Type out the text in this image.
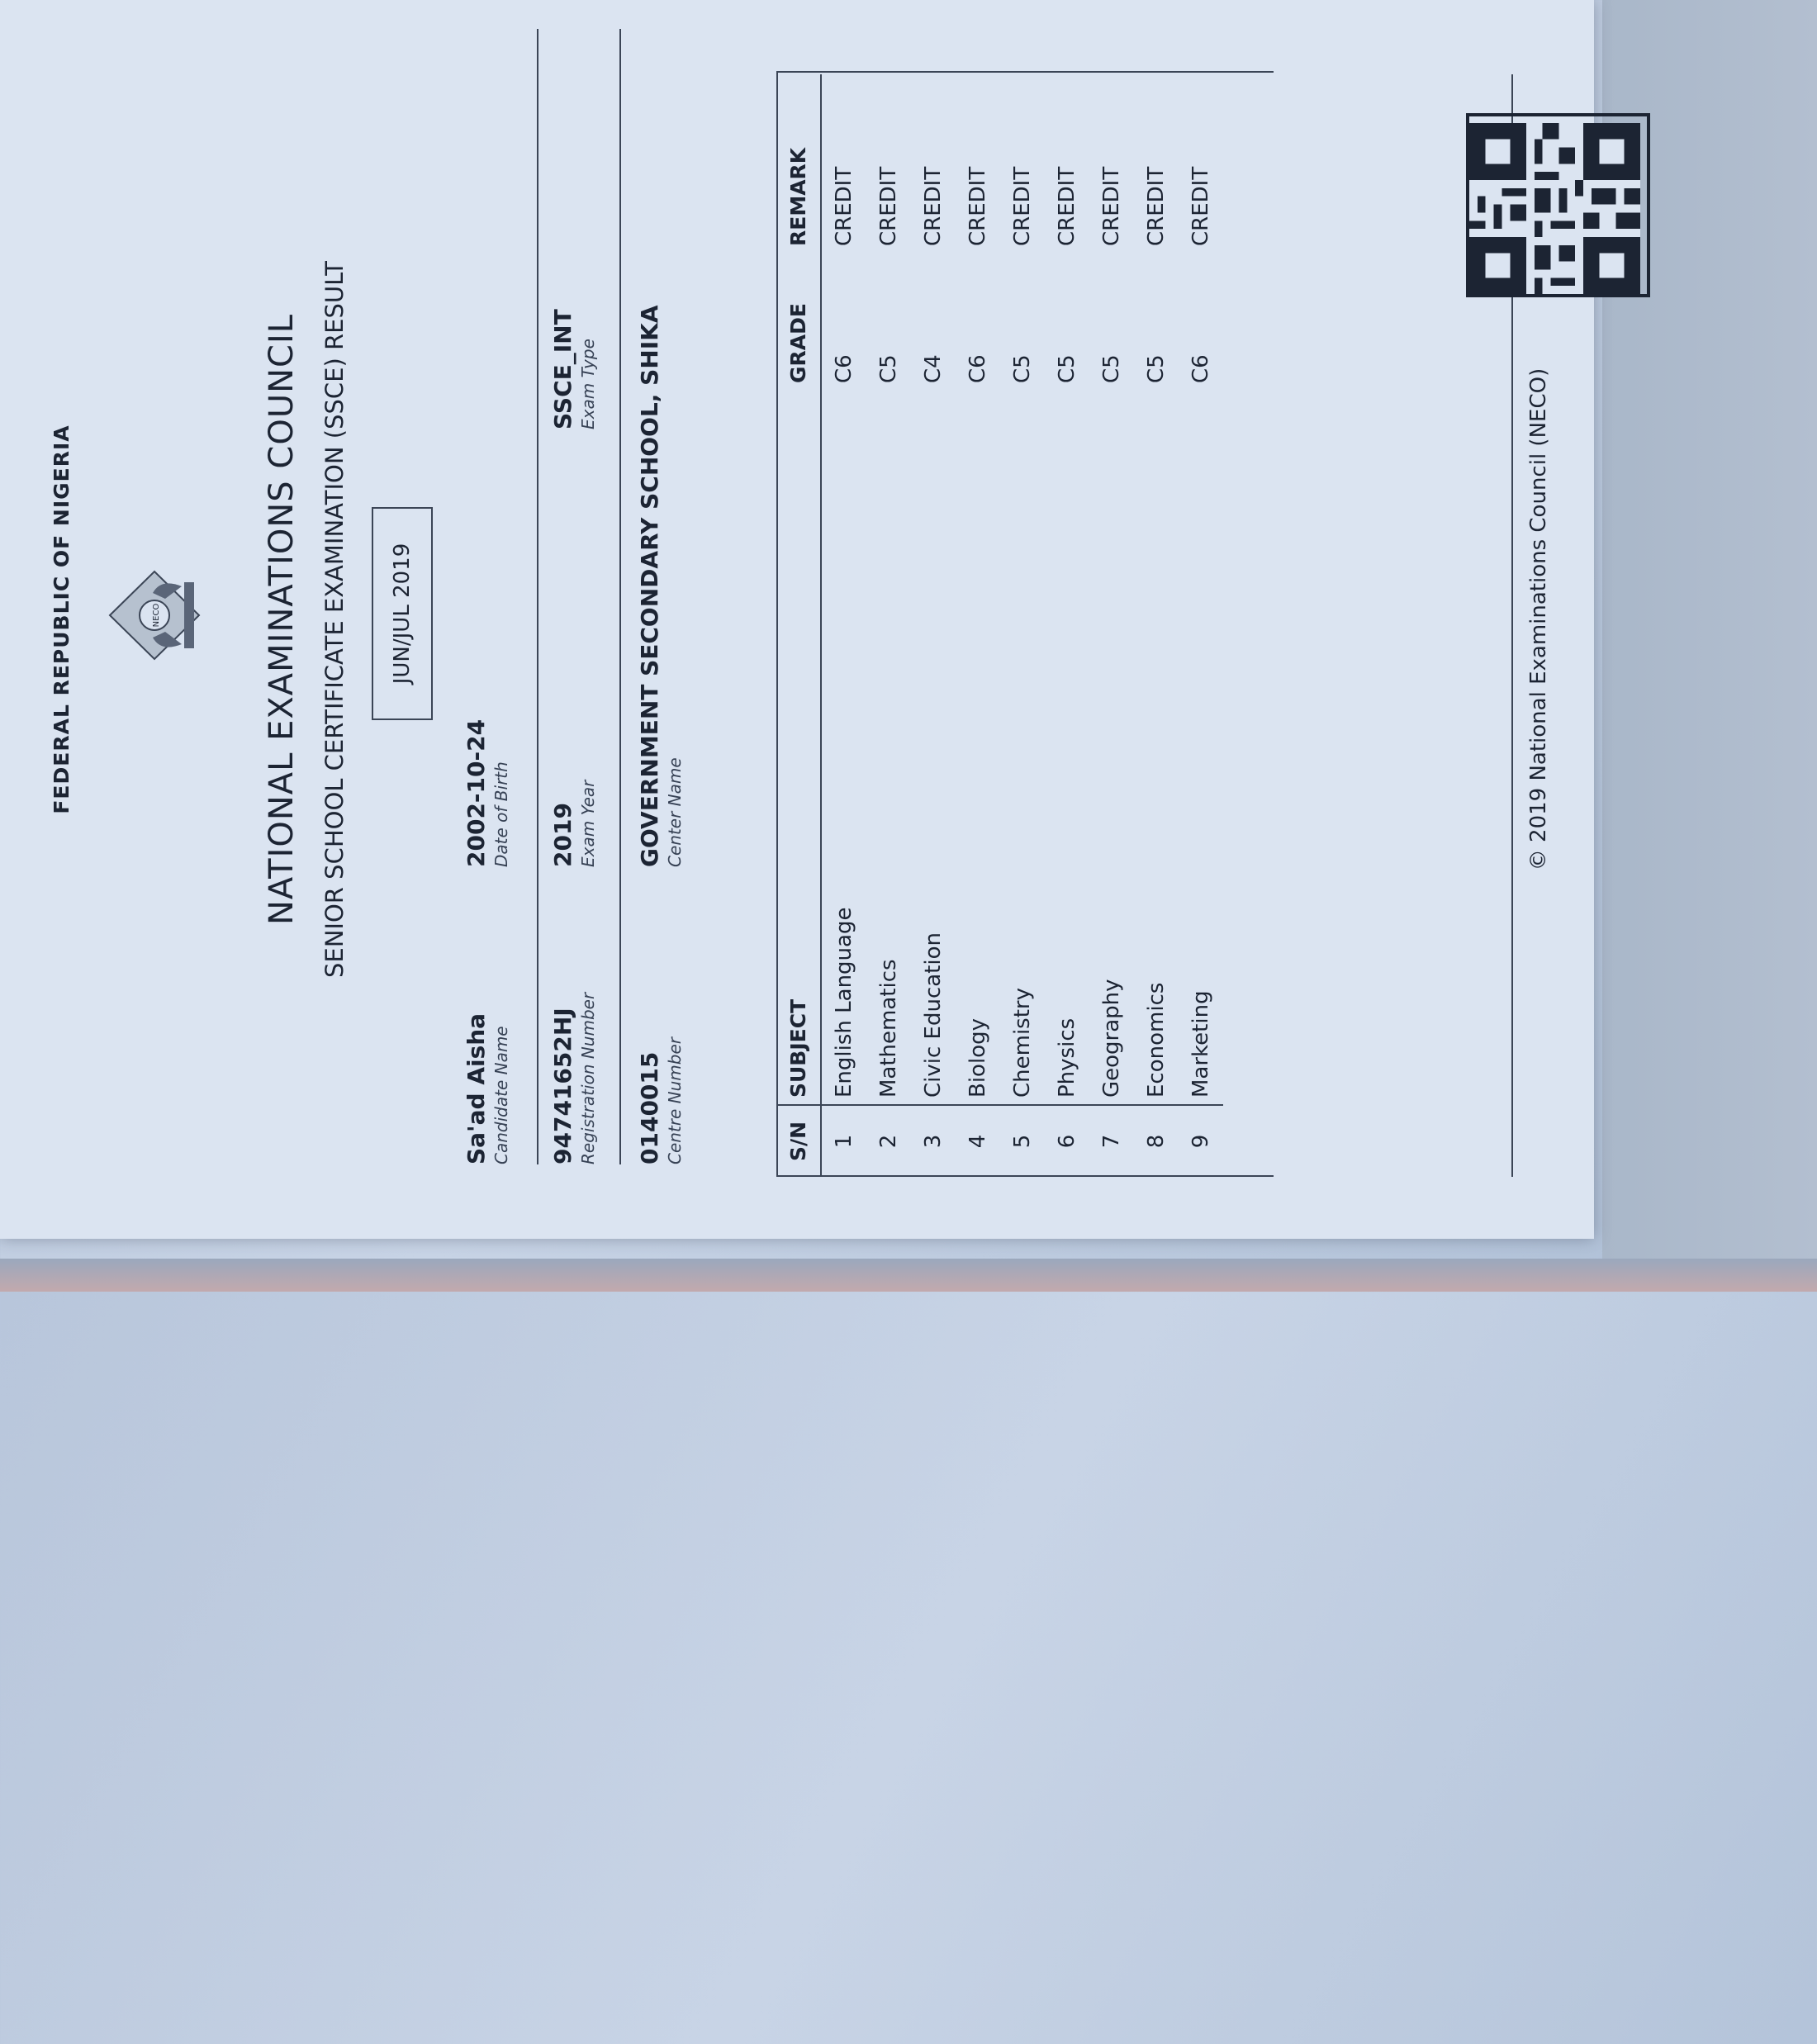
FEDERAL REPUBLIC OF NIGERIA	NECO	NATIONAL EXAMINATIONS COUNCIL SENIOR SCHOOL CERTIFICATE EXAMINATION (SSCE) RESULT	JUN/JUL 2019
Sa'ad Aisha Candidate Name
2002-10-24 Date of Birth
94741652HJ Registration Number
2019 Exam Year
SSCE_INT Exam Type
0140015 Centre Number
GOVERNMENT SECONDARY SCHOOL, SHIKA Center Name
S/N	SUBJECT	GRADE	REMARK
1	English Language	C6	CREDIT
2	Mathematics	C5	CREDIT
3	Civic Education	C4	CREDIT
4	Biology	C6	CREDIT
5	Chemistry	C5	CREDIT
6	Physics	C5	CREDIT
7	Geography	C5	CREDIT
8	Economics	C5	CREDIT
9	Marketing	C6	CREDIT
© 2019 National Examinations Council (NECO)
